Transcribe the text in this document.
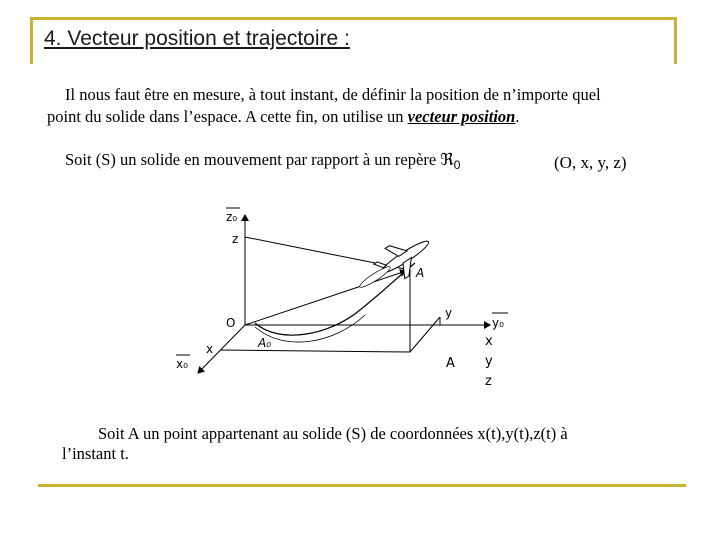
4. Vecteur position et trajectoire :
Il nous faut être en mesure, à tout instant, de définir la position de n’importe quel
point du solide dans l’espace. A cette fin, on utilise un vecteur position.
Soit (S) un solide en mouvement par rapport à un repère ℜ$_0$	(O, x, y, z)
z₀
z
O
x
x₀
y
y₀
A
A₀
A
x
y
z
Soit A un point appartenant au solide (S) de coordonnées x(t),y(t),z(t) à
l’instant t.
